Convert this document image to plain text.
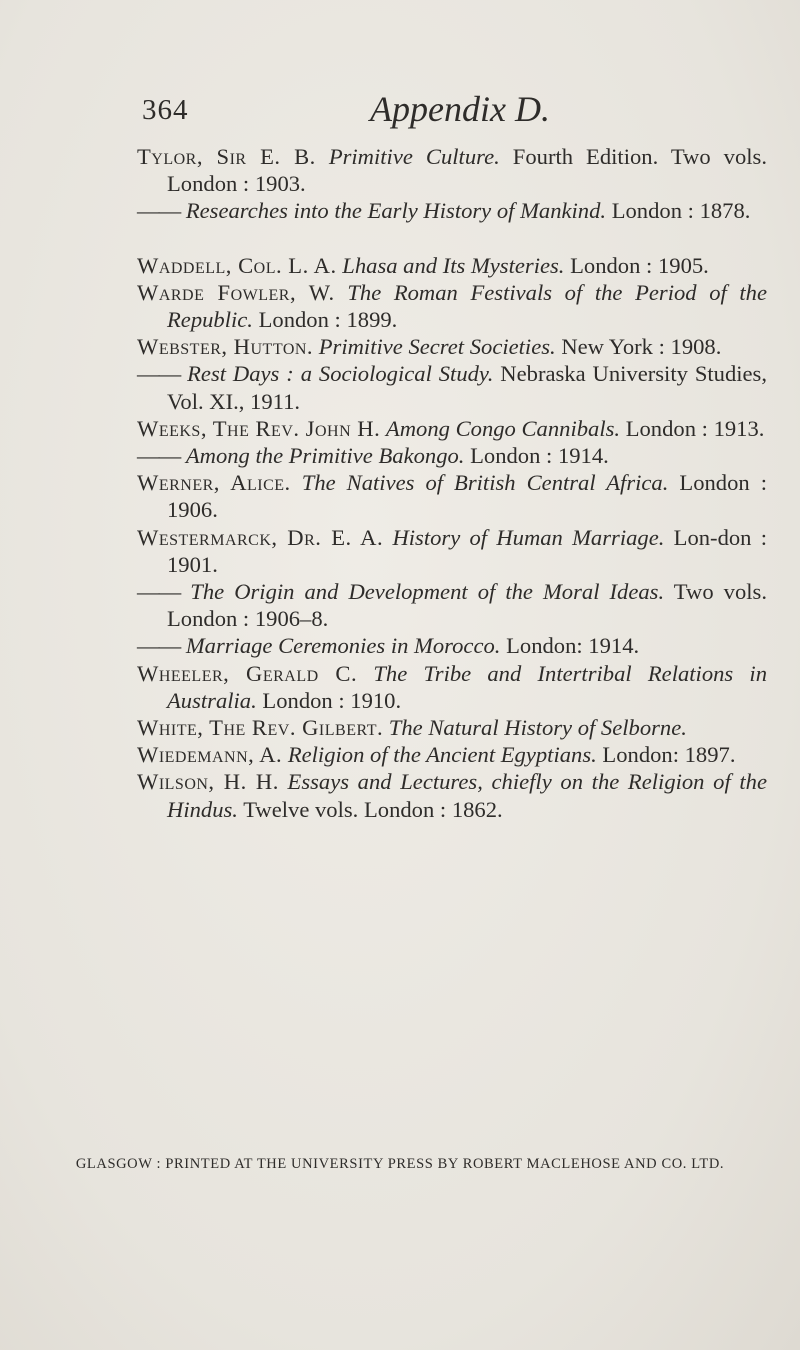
364	Appendix D.

Tylor, Sir E. B. Primitive Culture. Fourth Edition. Two vols. London : 1903.

—— Researches into the Early History of Mankind. London : 1878.

Waddell, Col. L. A. Lhasa and Its Mysteries. London : 1905.

Warde Fowler, W. The Roman Festivals of the Period of the Republic. London : 1899.

Webster, Hutton. Primitive Secret Societies. New York : 1908.

—— Rest Days : a Sociological Study. Nebraska University Studies, Vol. XI., 1911.

Weeks, The Rev. John H. Among Congo Cannibals. London : 1913.

—— Among the Primitive Bakongo. London : 1914.

Werner, Alice. The Natives of British Central Africa. London : 1906.

Westermarck, Dr. E. A. History of Human Marriage. Lon-don : 1901.

—— The Origin and Development of the Moral Ideas. Two vols. London : 1906–8.

—— Marriage Ceremonies in Morocco. London: 1914.

Wheeler, Gerald C. The Tribe and Intertribal Relations in Australia. London : 1910.

White, The Rev. Gilbert. The Natural History of Selborne.

Wiedemann, A. Religion of the Ancient Egyptians. London: 1897.

Wilson, H. H. Essays and Lectures, chiefly on the Religion of the Hindus. Twelve vols. London : 1862.

GLASGOW : PRINTED AT THE UNIVERSITY PRESS BY ROBERT MACLEHOSE AND CO. LTD.
